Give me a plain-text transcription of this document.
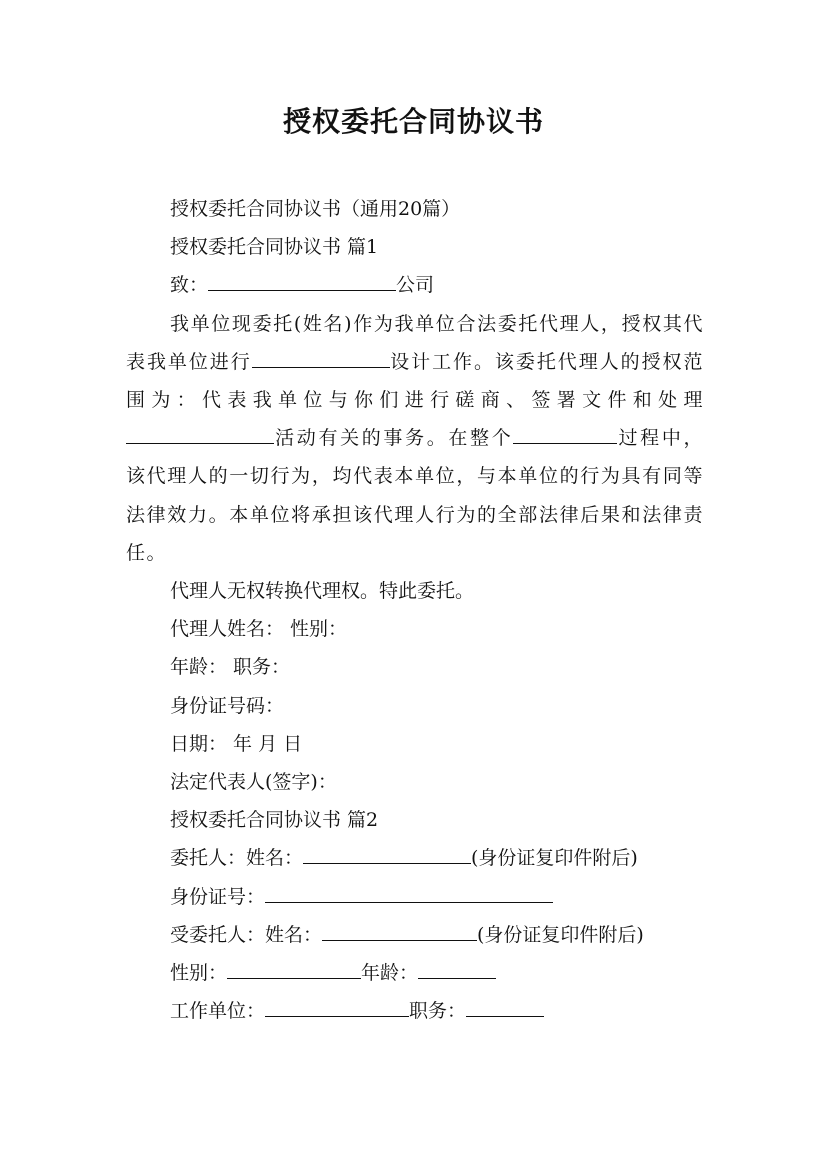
授权委托合同协议书
授权委托合同协议书（通用20篇）
授权委托合同协议书 篇1
致：	公司
我单位现委托(姓名)作为我单位合法委托代理人，授权其代表我单位进行	设计工作。该委托代理人的授权范围为：代表我单位与你们进行磋商、签署文件和处理活动有关的事务。在整个	过程中，该代理人的一切行为，均代表本单位，与本单位的行为具有同等法律效力。本单位将承担该代理人行为的全部法律后果和法律责任。
代理人无权转换代理权。特此委托。
代理人姓名： 性别：
年龄： 职务：
身份证号码：
日期： 年 月 日
法定代表人(签字)：
授权委托合同协议书 篇2
委托人：姓名：	(身份证复印件附后)
身份证号：
受委托人：姓名：	(身份证复印件附后)
性别：	年龄：
工作单位：	职务：
